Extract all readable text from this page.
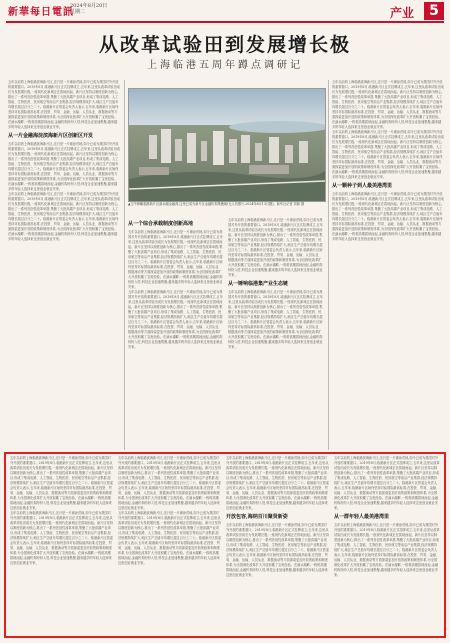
新華每日電訊
2024年8月20日
星期二	产业	5
从改革试验田到发展增长极
上海临港五周年蹲点调研记
五年以前的上海临港滨海新片区,还只是一片滩涂荒地,如今已成为我国对外开放的重要窗口。2019年8月,临港新片区正式挂牌成立,五年来,这里从改革试验田成长为发展增长极,一座现代化新城正在拔地而起。新片区坚持以制度创新为核心,推出了一系列首创性改革举措,集聚了大批高端产业项目,形成了集成电路、人工智能、生物医药、民用航空等前沿产业集群,经济规模持续扩大,地区生产总值年均增长超过百分之二十。临港新片区管委会负责人表示,五年来,临港新片区始终坚持对标国际最高标准,在投资、贸易、金融、运输、人员从业、数据流动等方面探索更加开放的政策和制度体系,为全国深化改革扩大开放积累了宝贵经验。在滴水湖畔,一栋栋高楼拔地而起,金融机构纷纷入驻,科技企业加速集聚,越来越多的年轻人选择来这里创业就业安家。
从一片金融海淀滨海新片区创新区开发
五年以前的上海临港滨海新片区,还只是一片滩涂荒地,如今已成为我国对外开放的重要窗口。2019年8月,临港新片区正式挂牌成立,五年来,这里从改革试验田成长为发展增长极,一座现代化新城正在拔地而起。新片区坚持以制度创新为核心,推出了一系列首创性改革举措,集聚了大批高端产业项目,形成了集成电路、人工智能、生物医药、民用航空等前沿产业集群,经济规模持续扩大,地区生产总值年均增长超过百分之二十。临港新片区管委会负责人表示,五年来,临港新片区始终坚持对标国际最高标准,在投资、贸易、金融、运输、人员从业、数据流动等方面探索更加开放的政策和制度体系,为全国深化改革扩大开放积累了宝贵经验。在滴水湖畔,一栋栋高楼拔地而起,金融机构纷纷入驻,科技企业加速集聚,越来越多的年轻人选择来这里创业就业安家。
五年以前的上海临港滨海新片区,还只是一片滩涂荒地,如今已成为我国对外开放的重要窗口。2019年8月,临港新片区正式挂牌成立,五年来,这里从改革试验田成长为发展增长极,一座现代化新城正在拔地而起。新片区坚持以制度创新为核心,推出了一系列首创性改革举措,集聚了大批高端产业项目,形成了集成电路、人工智能、生物医药、民用航空等前沿产业集群,经济规模持续扩大,地区生产总值年均增长超过百分之二十。临港新片区管委会负责人表示,五年来,临港新片区始终坚持对标国际最高标准,在投资、贸易、金融、运输、人员从业、数据流动等方面探索更加开放的政策和制度体系,为全国深化改革扩大开放积累了宝贵经验。在滴水湖畔,一栋栋高楼拔地而起,金融机构纷纷入驻,科技企业加速集聚,越来越多的年轻人选择来这里创业就业安家。
▲空中俯瞰临港新片区滴水湖金融湾,这里已成为新片区金融机构集聚地(无人机照片,2024年6月13日摄)。新华社记者 刘颖 摄
从一个综合承载制度创新高地
五年以前的上海临港滨海新片区,还只是一片滩涂荒地,如今已成为我国对外开放的重要窗口。2019年8月,临港新片区正式挂牌成立,五年来,这里从改革试验田成长为发展增长极,一座现代化新城正在拔地而起。新片区坚持以制度创新为核心,推出了一系列首创性改革举措,集聚了大批高端产业项目,形成了集成电路、人工智能、生物医药、民用航空等前沿产业集群,经济规模持续扩大,地区生产总值年均增长超过百分之二十。临港新片区管委会负责人表示,五年来,临港新片区始终坚持对标国际最高标准,在投资、贸易、金融、运输、人员从业、数据流动等方面探索更加开放的政策和制度体系,为全国深化改革扩大开放积累了宝贵经验。在滴水湖畔,一栋栋高楼拔地而起,金融机构纷纷入驻,科技企业加速集聚,越来越多的年轻人选择来这里创业就业安家。
五年以前的上海临港滨海新片区,还只是一片滩涂荒地,如今已成为我国对外开放的重要窗口。2019年8月,临港新片区正式挂牌成立,五年来,这里从改革试验田成长为发展增长极,一座现代化新城正在拔地而起。新片区坚持以制度创新为核心,推出了一系列首创性改革举措,集聚了大批高端产业项目,形成了集成电路、人工智能、生物医药、民用航空等前沿产业集群,经济规模持续扩大,地区生产总值年均增长超过百分之二十。临港新片区管委会负责人表示,五年来,临港新片区始终坚持对标国际最高标准,在投资、贸易、金融、运输、人员从业、数据流动等方面探索更加开放的政策和制度体系,为全国深化改革扩大开放积累了宝贵经验。在滴水湖畔,一栋栋高楼拔地而起,金融机构纷纷入驻,科技企业加速集聚,越来越多的年轻人选择来这里创业就业安家。
五年以前的上海临港滨海新片区,还只是一片滩涂荒地,如今已成为我国对外开放的重要窗口。2019年8月,临港新片区正式挂牌成立,五年来,这里从改革试验田成长为发展增长极,一座现代化新城正在拔地而起。新片区坚持以制度创新为核心,推出了一系列首创性改革举措,集聚了大批高端产业项目,形成了集成电路、人工智能、生物医药、民用航空等前沿产业集群,经济规模持续扩大,地区生产总值年均增长超过百分之二十。临港新片区管委会负责人表示,五年来,临港新片区始终坚持对标国际最高标准,在投资、贸易、金融、运输、人员从业、数据流动等方面探索更加开放的政策和制度体系,为全国深化改革扩大开放积累了宝贵经验。在滴水湖畔,一栋栋高楼拔地而起,金融机构纷纷入驻,科技企业加速集聚,越来越多的年轻人选择来这里创业就业安家。
从一锤响临港集产业生态链
五年以前的上海临港滨海新片区,还只是一片滩涂荒地,如今已成为我国对外开放的重要窗口。2019年8月,临港新片区正式挂牌成立,五年来,这里从改革试验田成长为发展增长极,一座现代化新城正在拔地而起。新片区坚持以制度创新为核心,推出了一系列首创性改革举措,集聚了大批高端产业项目,形成了集成电路、人工智能、生物医药、民用航空等前沿产业集群,经济规模持续扩大,地区生产总值年均增长超过百分之二十。临港新片区管委会负责人表示,五年来,临港新片区始终坚持对标国际最高标准,在投资、贸易、金融、运输、人员从业、数据流动等方面探索更加开放的政策和制度体系,为全国深化改革扩大开放积累了宝贵经验。在滴水湖畔,一栋栋高楼拔地而起,金融机构纷纷入驻,科技企业加速集聚,越来越多的年轻人选择来这里创业就业安家。
五年以前的上海临港滨海新片区,还只是一片滩涂荒地,如今已成为我国对外开放的重要窗口。2019年8月,临港新片区正式挂牌成立,五年来,这里从改革试验田成长为发展增长极,一座现代化新城正在拔地而起。新片区坚持以制度创新为核心,推出了一系列首创性改革举措,集聚了大批高端产业项目,形成了集成电路、人工智能、生物医药、民用航空等前沿产业集群,经济规模持续扩大,地区生产总值年均增长超过百分之二十。临港新片区管委会负责人表示,五年来,临港新片区始终坚持对标国际最高标准,在投资、贸易、金融、运输、人员从业、数据流动等方面探索更加开放的政策和制度体系,为全国深化改革扩大开放积累了宝贵经验。在滴水湖畔,一栋栋高楼拔地而起,金融机构纷纷入驻,科技企业加速集聚,越来越多的年轻人选择来这里创业就业安家。
五年以前的上海临港滨海新片区,还只是一片滩涂荒地,如今已成为我国对外开放的重要窗口。2019年8月,临港新片区正式挂牌成立,五年来,这里从改革试验田成长为发展增长极,一座现代化新城正在拔地而起。新片区坚持以制度创新为核心,推出了一系列首创性改革举措,集聚了大批高端产业项目,形成了集成电路、人工智能、生物医药、民用航空等前沿产业集群,经济规模持续扩大,地区生产总值年均增长超过百分之二十。临港新片区管委会负责人表示,五年来,临港新片区始终坚持对标国际最高标准,在投资、贸易、金融、运输、人员从业、数据流动等方面探索更加开放的政策和制度体系,为全国深化改革扩大开放积累了宝贵经验。在滴水湖畔,一栋栋高楼拔地而起,金融机构纷纷入驻,科技企业加速集聚,越来越多的年轻人选择来这里创业就业安家。
从一颗种子到人最美港湾里
五年以前的上海临港滨海新片区,还只是一片滩涂荒地,如今已成为我国对外开放的重要窗口。2019年8月,临港新片区正式挂牌成立,五年来,这里从改革试验田成长为发展增长极,一座现代化新城正在拔地而起。新片区坚持以制度创新为核心,推出了一系列首创性改革举措,集聚了大批高端产业项目,形成了集成电路、人工智能、生物医药、民用航空等前沿产业集群,经济规模持续扩大,地区生产总值年均增长超过百分之二十。临港新片区管委会负责人表示,五年来,临港新片区始终坚持对标国际最高标准,在投资、贸易、金融、运输、人员从业、数据流动等方面探索更加开放的政策和制度体系,为全国深化改革扩大开放积累了宝贵经验。在滴水湖畔,一栋栋高楼拔地而起,金融机构纷纷入驻,科技企业加速集聚,越来越多的年轻人选择来这里创业就业安家。
五年以前的上海临港滨海新片区,还只是一片滩涂荒地,如今已成为我国对外开放的重要窗口。2019年8月,临港新片区正式挂牌成立,五年来,这里从改革试验田成长为发展增长极,一座现代化新城正在拔地而起。新片区坚持以制度创新为核心,推出了一系列首创性改革举措,集聚了大批高端产业项目,形成了集成电路、人工智能、生物医药、民用航空等前沿产业集群,经济规模持续扩大,地区生产总值年均增长超过百分之二十。临港新片区管委会负责人表示,五年来,临港新片区始终坚持对标国际最高标准,在投资、贸易、金融、运输、人员从业、数据流动等方面探索更加开放的政策和制度体系,为全国深化改革扩大开放积累了宝贵经验。在滴水湖畔,一栋栋高楼拔地而起,金融机构纷纷入驻,科技企业加速集聚,越来越多的年轻人选择来这里创业就业安家。
五年以前的上海临港滨海新片区,还只是一片滩涂荒地,如今已成为我国对外开放的重要窗口。2019年8月,临港新片区正式挂牌成立,五年来,这里从改革试验田成长为发展增长极,一座现代化新城正在拔地而起。新片区坚持以制度创新为核心,推出了一系列首创性改革举措,集聚了大批高端产业项目,形成了集成电路、人工智能、生物医药、民用航空等前沿产业集群,经济规模持续扩大,地区生产总值年均增长超过百分之二十。临港新片区管委会负责人表示,五年来,临港新片区始终坚持对标国际最高标准,在投资、贸易、金融、运输、人员从业、数据流动等方面探索更加开放的政策和制度体系,为全国深化改革扩大开放积累了宝贵经验。在滴水湖畔,一栋栋高楼拔地而起,金融机构纷纷入驻,科技企业加速集聚,越来越多的年轻人选择来这里创业就业安家。
五年以前的上海临港滨海新片区,还只是一片滩涂荒地,如今已成为我国对外开放的重要窗口。2019年8月,临港新片区正式挂牌成立,五年来,这里从改革试验田成长为发展增长极,一座现代化新城正在拔地而起。新片区坚持以制度创新为核心,推出了一系列首创性改革举措,集聚了大批高端产业项目,形成了集成电路、人工智能、生物医药、民用航空等前沿产业集群,经济规模持续扩大,地区生产总值年均增长超过百分之二十。临港新片区管委会负责人表示,五年来,临港新片区始终坚持对标国际最高标准,在投资、贸易、金融、运输、人员从业、数据流动等方面探索更加开放的政策和制度体系,为全国深化改革扩大开放积累了宝贵经验。在滴水湖畔,一栋栋高楼拔地而起,金融机构纷纷入驻,科技企业加速集聚,越来越多的年轻人选择来这里创业就业安家。
五年以前的上海临港滨海新片区,还只是一片滩涂荒地,如今已成为我国对外开放的重要窗口。2019年8月,临港新片区正式挂牌成立,五年来,这里从改革试验田成长为发展增长极,一座现代化新城正在拔地而起。新片区坚持以制度创新为核心,推出了一系列首创性改革举措,集聚了大批高端产业项目,形成了集成电路、人工智能、生物医药、民用航空等前沿产业集群,经济规模持续扩大,地区生产总值年均增长超过百分之二十。临港新片区管委会负责人表示,五年来,临港新片区始终坚持对标国际最高标准,在投资、贸易、金融、运输、人员从业、数据流动等方面探索更加开放的政策和制度体系,为全国深化改革扩大开放积累了宝贵经验。在滴水湖畔,一栋栋高楼拔地而起,金融机构纷纷入驻,科技企业加速集聚,越来越多的年轻人选择来这里创业就业安家。
五年以前的上海临港滨海新片区,还只是一片滩涂荒地,如今已成为我国对外开放的重要窗口。2019年8月,临港新片区正式挂牌成立,五年来,这里从改革试验田成长为发展增长极,一座现代化新城正在拔地而起。新片区坚持以制度创新为核心,推出了一系列首创性改革举措,集聚了大批高端产业项目,形成了集成电路、人工智能、生物医药、民用航空等前沿产业集群,经济规模持续扩大,地区生产总值年均增长超过百分之二十。临港新片区管委会负责人表示,五年来,临港新片区始终坚持对标国际最高标准,在投资、贸易、金融、运输、人员从业、数据流动等方面探索更加开放的政策和制度体系,为全国深化改革扩大开放积累了宝贵经验。在滴水湖畔,一栋栋高楼拔地而起,金融机构纷纷入驻,科技企业加速集聚,越来越多的年轻人选择来这里创业就业安家。
开放包容,海纳百川聚贤新姿
五年以前的上海临港滨海新片区,还只是一片滩涂荒地,如今已成为我国对外开放的重要窗口。2019年8月,临港新片区正式挂牌成立,五年来,这里从改革试验田成长为发展增长极,一座现代化新城正在拔地而起。新片区坚持以制度创新为核心,推出了一系列首创性改革举措,集聚了大批高端产业项目,形成了集成电路、人工智能、生物医药、民用航空等前沿产业集群,经济规模持续扩大,地区生产总值年均增长超过百分之二十。临港新片区管委会负责人表示,五年来,临港新片区始终坚持对标国际最高标准,在投资、贸易、金融、运输、人员从业、数据流动等方面探索更加开放的政策和制度体系,为全国深化改革扩大开放积累了宝贵经验。在滴水湖畔,一栋栋高楼拔地而起,金融机构纷纷入驻,科技企业加速集聚,越来越多的年轻人选择来这里创业就业安家。
五年以前的上海临港滨海新片区,还只是一片滩涂荒地,如今已成为我国对外开放的重要窗口。2019年8月,临港新片区正式挂牌成立,五年来,这里从改革试验田成长为发展增长极,一座现代化新城正在拔地而起。新片区坚持以制度创新为核心,推出了一系列首创性改革举措,集聚了大批高端产业项目,形成了集成电路、人工智能、生物医药、民用航空等前沿产业集群,经济规模持续扩大,地区生产总值年均增长超过百分之二十。临港新片区管委会负责人表示,五年来,临港新片区始终坚持对标国际最高标准,在投资、贸易、金融、运输、人员从业、数据流动等方面探索更加开放的政策和制度体系,为全国深化改革扩大开放积累了宝贵经验。在滴水湖畔,一栋栋高楼拔地而起,金融机构纷纷入驻,科技企业加速集聚,越来越多的年轻人选择来这里创业就业安家。
从一群年轻人最美港湾里
五年以前的上海临港滨海新片区,还只是一片滩涂荒地,如今已成为我国对外开放的重要窗口。2019年8月,临港新片区正式挂牌成立,五年来,这里从改革试验田成长为发展增长极,一座现代化新城正在拔地而起。新片区坚持以制度创新为核心,推出了一系列首创性改革举措,集聚了大批高端产业项目,形成了集成电路、人工智能、生物医药、民用航空等前沿产业集群,经济规模持续扩大,地区生产总值年均增长超过百分之二十。临港新片区管委会负责人表示,五年来,临港新片区始终坚持对标国际最高标准,在投资、贸易、金融、运输、人员从业、数据流动等方面探索更加开放的政策和制度体系,为全国深化改革扩大开放积累了宝贵经验。在滴水湖畔,一栋栋高楼拔地而起,金融机构纷纷入驻,科技企业加速集聚,越来越多的年轻人选择来这里创业就业安家。
